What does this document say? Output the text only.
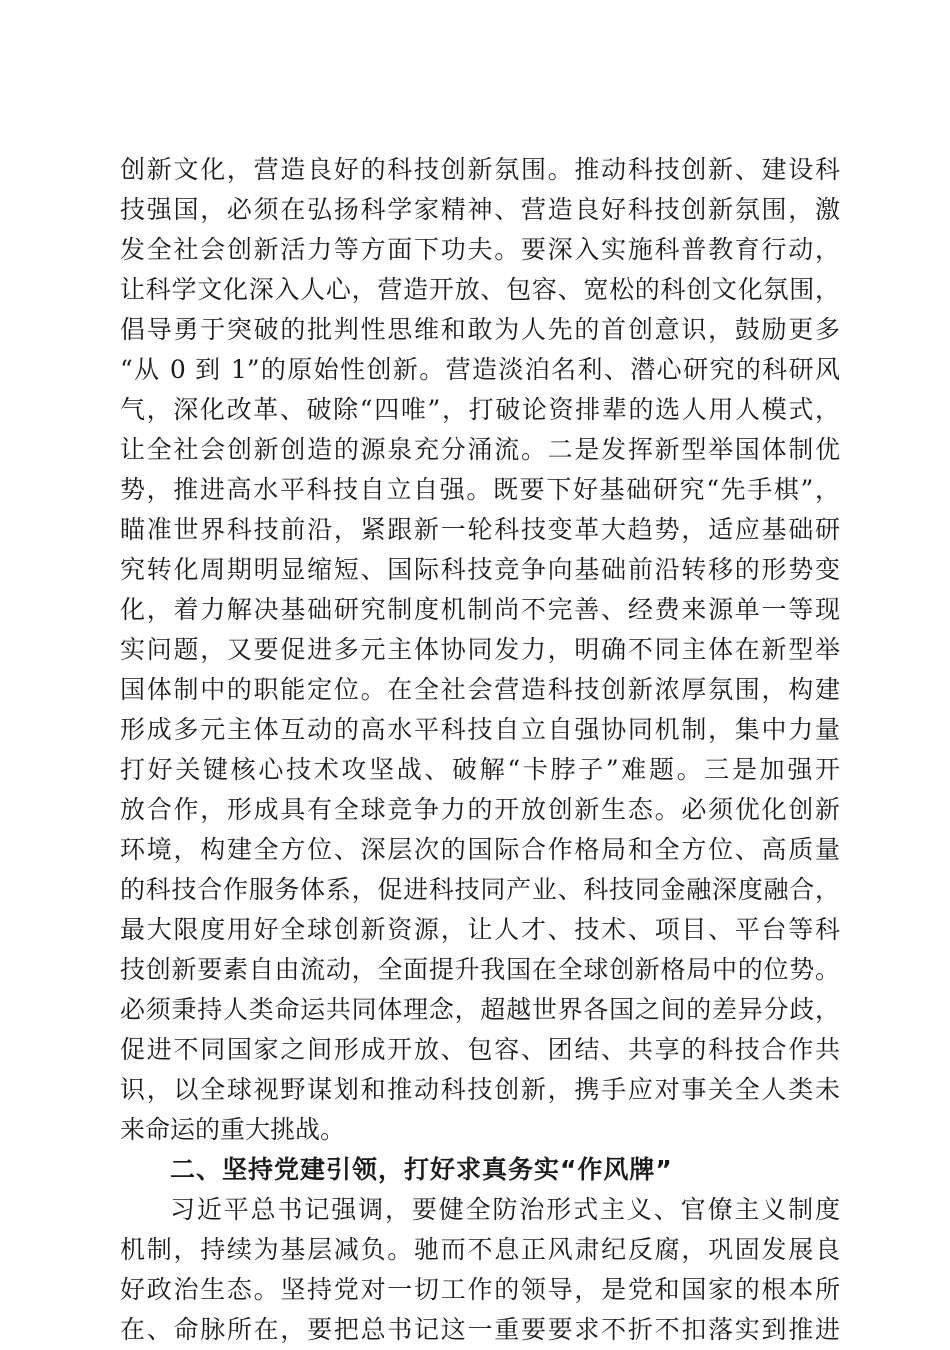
创新文化，营造良好的科技创新氛围。推动科技创新、建设科
技强国，必须在弘扬科学家精神、营造良好科技创新氛围，激
发全社会创新活力等方面下功夫。要深入实施科普教育行动，
让科学文化深入人心，营造开放、包容、宽松的科创文化氛围，
倡导勇于突破的批判性思维和敢为人先的首创意识，鼓励更多
“从 0 到 1”的原始性创新。营造淡泊名利、潜心研究的科研风
气，深化改革、破除“四唯”，打破论资排辈的选人用人模式，
让全社会创新创造的源泉充分涌流。二是发挥新型举国体制优
势，推进高水平科技自立自强。既要下好基础研究“先手棋”，
瞄准世界科技前沿，紧跟新一轮科技变革大趋势，适应基础研
究转化周期明显缩短、国际科技竞争向基础前沿转移的形势变
化，着力解决基础研究制度机制尚不完善、经费来源单一等现
实问题，又要促进多元主体协同发力，明确不同主体在新型举
国体制中的职能定位。在全社会营造科技创新浓厚氛围，构建
形成多元主体互动的高水平科技自立自强协同机制，集中力量
打好关键核心技术攻坚战、破解“卡脖子”难题。三是加强开
放合作，形成具有全球竞争力的开放创新生态。必须优化创新
环境，构建全方位、深层次的国际合作格局和全方位、高质量
的科技合作服务体系，促进科技同产业、科技同金融深度融合，
最大限度用好全球创新资源，让人才、技术、项目、平台等科
技创新要素自由流动，全面提升我国在全球创新格局中的位势。
必须秉持人类命运共同体理念，超越世界各国之间的差异分歧，
促进不同国家之间形成开放、包容、团结、共享的科技合作共
识，以全球视野谋划和推动科技创新，携手应对事关全人类未
来命运的重大挑战。
二、坚持党建引领，打好求真务实“作风牌”
习近平总书记强调，要健全防治形式主义、官僚主义制度
机制，持续为基层减负。驰而不息正风肃纪反腐，巩固发展良
好政治生态。坚持党对一切工作的领导，是党和国家的根本所
在、命脉所在，要把总书记这一重要要求不折不扣落实到推进
